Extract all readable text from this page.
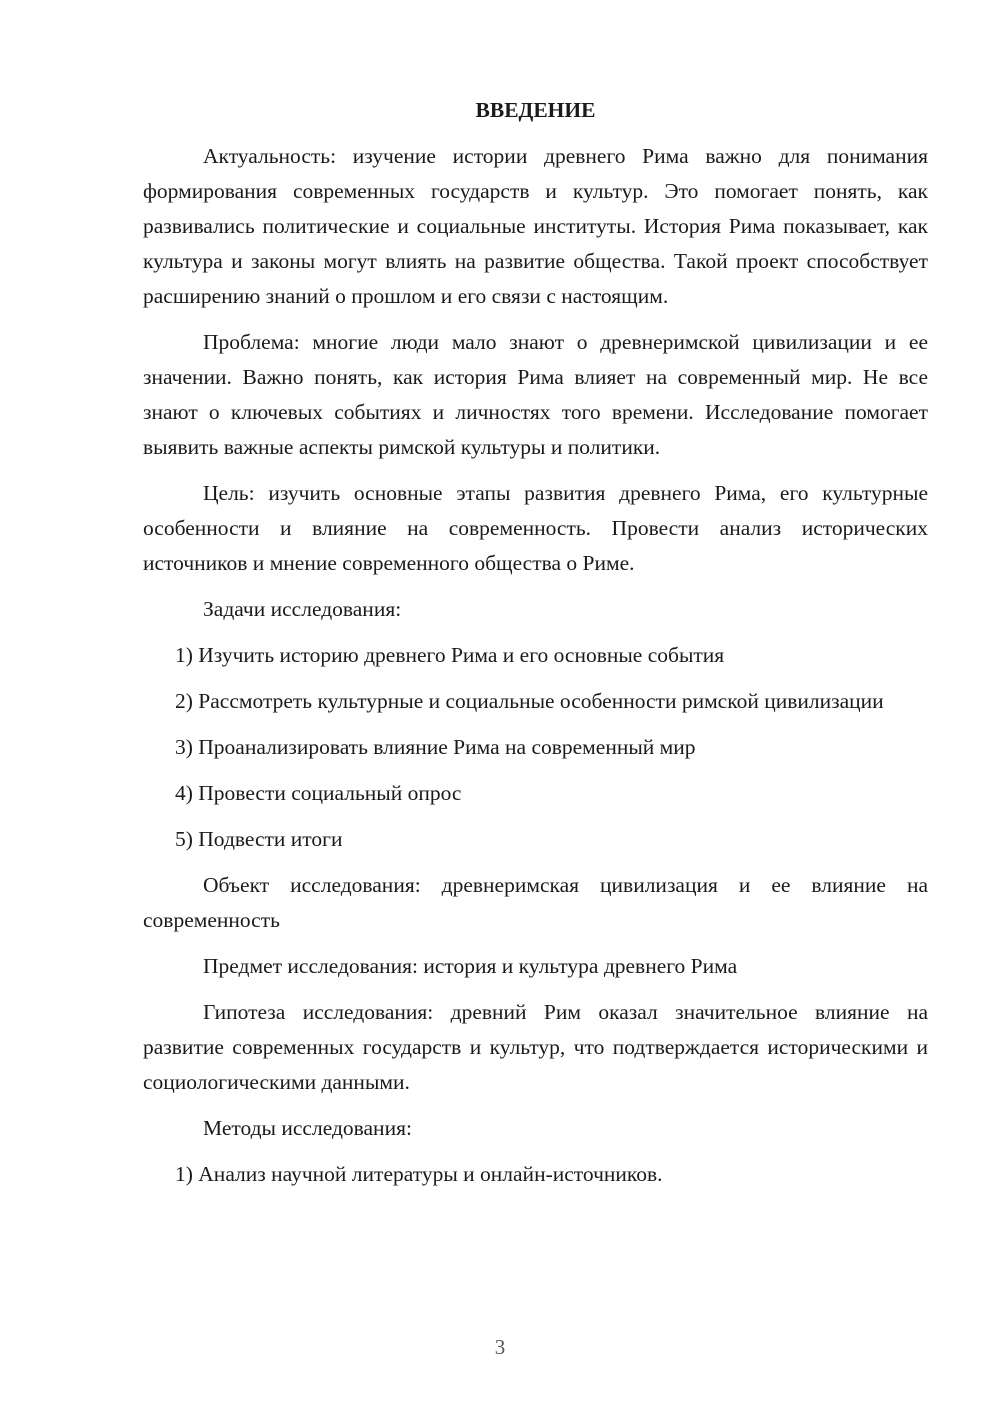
ВВЕДЕНИЕ

Актуальность: изучение истории древнего Рима важно для понимания формирования современных государств и культур. Это помогает понять, как развивались политические и социальные институты. История Рима показывает, как культура и законы могут влиять на развитие общества. Такой проект способствует расширению знаний о прошлом и его связи с настоящим.

Проблема: многие люди мало знают о древнеримской цивилизации и ее значении. Важно понять, как история Рима влияет на современный мир. Не все знают о ключевых событиях и личностях того времени. Исследование помогает выявить важные аспекты римской культуры и политики.

Цель: изучить основные этапы развития древнего Рима, его культурные особенности и влияние на современность. Провести анализ исторических источников и мнение современного общества о Риме.

Задачи исследования:

1) Изучить историю древнего Рима и его основные события

2) Рассмотреть культурные и социальные особенности римской цивилизации

3) Проанализировать влияние Рима на современный мир

4) Провести социальный опрос

5) Подвести итоги

Объект исследования: древнеримская цивилизация и ее влияние на современность

Предмет исследования: история и культура древнего Рима

Гипотеза исследования: древний Рим оказал значительное влияние на развитие современных государств и культур, что подтверждается историческими и социологическими данными.

Методы исследования:

1) Анализ научной литературы и онлайн-источников.

3
